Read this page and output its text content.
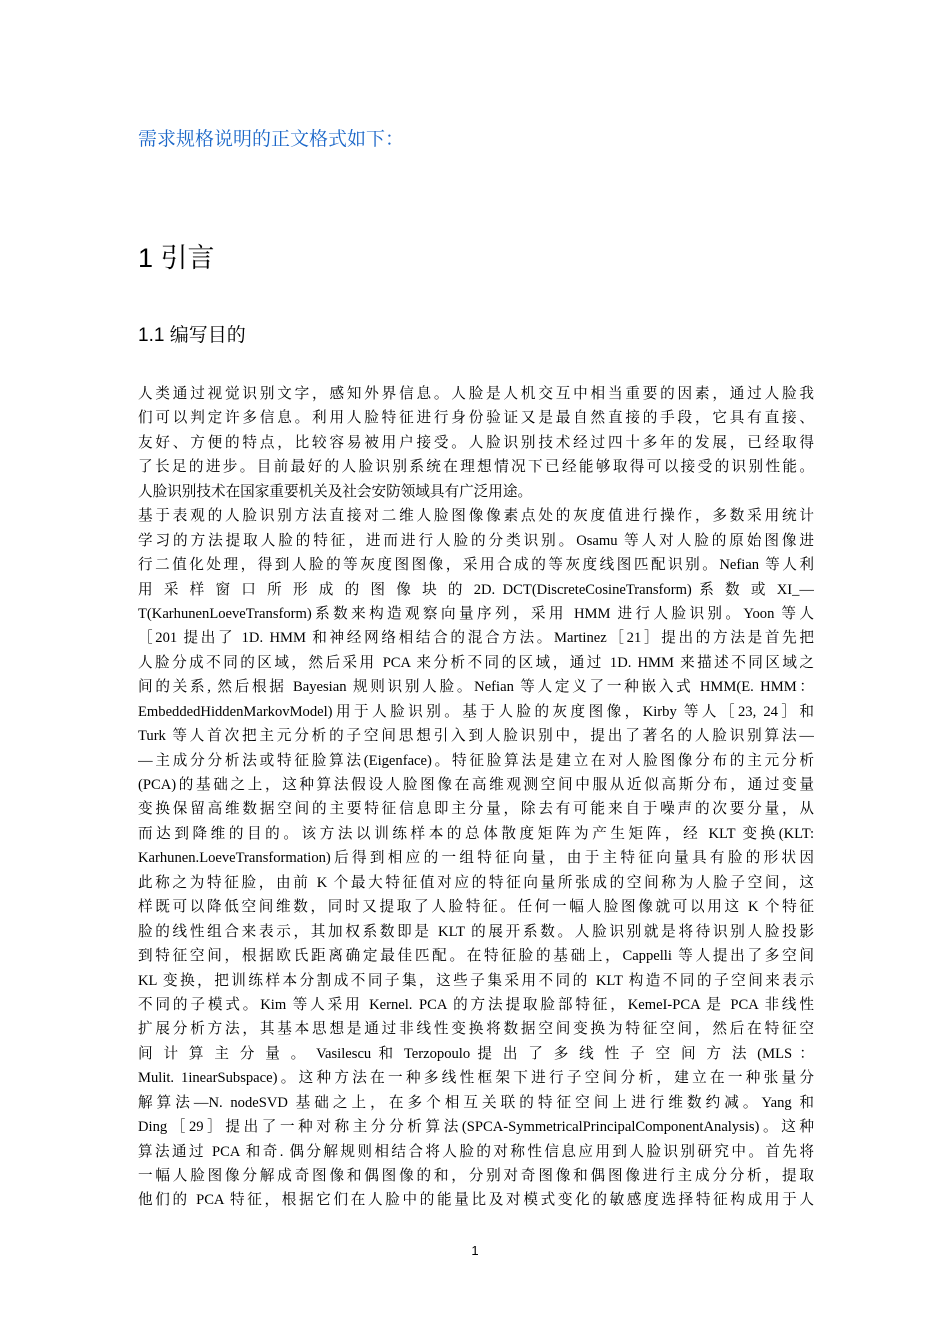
需求规格说明的正文格式如下：
1 引言
1.1 编写目的
人类通过视觉识别文字，感知外界信息。人脸是人机交互中相当重要的因素，通过人脸我
们可以判定许多信息。利用人脸特征进行身份验证又是最自然直接的手段，它具有直接、
友好、方便的特点，比较容易被用户接受。人脸识别技术经过四十多年的发展，已经取得
了长足的进步。目前最好的人脸识别系统在理想情况下已经能够取得可以接受的识别性能。
人脸识别技术在国家重要机关及社会安防领域具有广泛用途。
基于表观的人脸识别方法直接对二维人脸图像像素点处的灰度值进行操作，多数采用统计
学习的方法提取人脸的特征，进而进行人脸的分类识别。Osamu 等人对人脸的原始图像进
行二值化处理，得到人脸的等灰度图图像，采用合成的等灰度线图匹配识别。Nefian 等人利
用 采 样 窗 口 所 形 成 的 图 像 块 的 2D. DCT(DiscreteCosineTransform) 系 数 或 XI_—
T(KarhunenLoeveTransform)系数来构造观察向量序列，采用 HMM 进行人脸识别。Yoon 等人
［201 提出了 1D. HMM 和神经网络相结合的混合方法。Martinez［21］提出的方法是首先把
人脸分成不同的区域，然后采用 PCA 来分析不同的区域，通过 1D. HMM 来描述不同区域之
间的关系, 然后根据 Bayesian 规则识别人脸。Nefian 等人定义了一种嵌入式 HMM(E. HMM：
EmbeddedHiddenMarkovModel)用于人脸识别。基于人脸的灰度图像，Kirby 等人［23, 24］和
Turk 等人首次把主元分析的子空间思想引入到人脸识别中，提出了著名的人脸识别算法—
—主成分分析法或特征脸算法(Eigenface)。特征脸算法是建立在对人脸图像分布的主元分析
(PCA)的基础之上，这种算法假设人脸图像在高维观测空间中服从近似高斯分布，通过变量
变换保留高维数据空间的主要特征信息即主分量，除去有可能来自于噪声的次要分量，从
而达到降维的目的。该方法以训练样本的总体散度矩阵为产生矩阵，经 KLT 变换(KLT:
Karhunen.LoeveTransformation)后得到相应的一组特征向量，由于主特征向量具有脸的形状因
此称之为特征脸，由前 K 个最大特征值对应的特征向量所张成的空间称为人脸子空间，这
样既可以降低空间维数，同时又提取了人脸特征。任何一幅人脸图像就可以用这 K 个特征
脸的线性组合来表示，其加权系数即是 KLT 的展开系数。人脸识别就是将待识别人脸投影
到特征空间，根据欧氏距离确定最佳匹配。在特征脸的基础上，Cappelli 等人提出了多空间
KL 变换，把训练样本分割成不同子集，这些子集采用不同的 KLT 构造不同的子空间来表示
不同的子模式。Kim 等人采用 Kernel. PCA 的方法提取脸部特征，KemeI-PCA 是 PCA 非线性
扩展分析方法，其基本思想是通过非线性变换将数据空间变换为特征空间，然后在特征空
间 计 算 主 分 量 。 Vasilescu 和 Terzopoulo 提 出 了 多 线 性 子 空 间 方 法 (MLS ：
Mulit. 1inearSubspace)。这种方法在一种多线性框架下进行子空间分析，建立在一种张量分
解算法—N. nodeSVD 基础之上，在多个相互关联的特征空间上进行维数约减。Yang 和
Ding［29］提出了一种对称主分分析算法(SPCA-SymmetricalPrincipalComponentAnalysis)。这种
算法通过 PCA 和奇. 偶分解规则相结合将人脸的对称性信息应用到人脸识别研究中。首先将
一幅人脸图像分解成奇图像和偶图像的和，分别对奇图像和偶图像进行主成分分析，提取
他们的 PCA 特征，根据它们在人脸中的能量比及对模式变化的敏感度选择特征构成用于人
1
